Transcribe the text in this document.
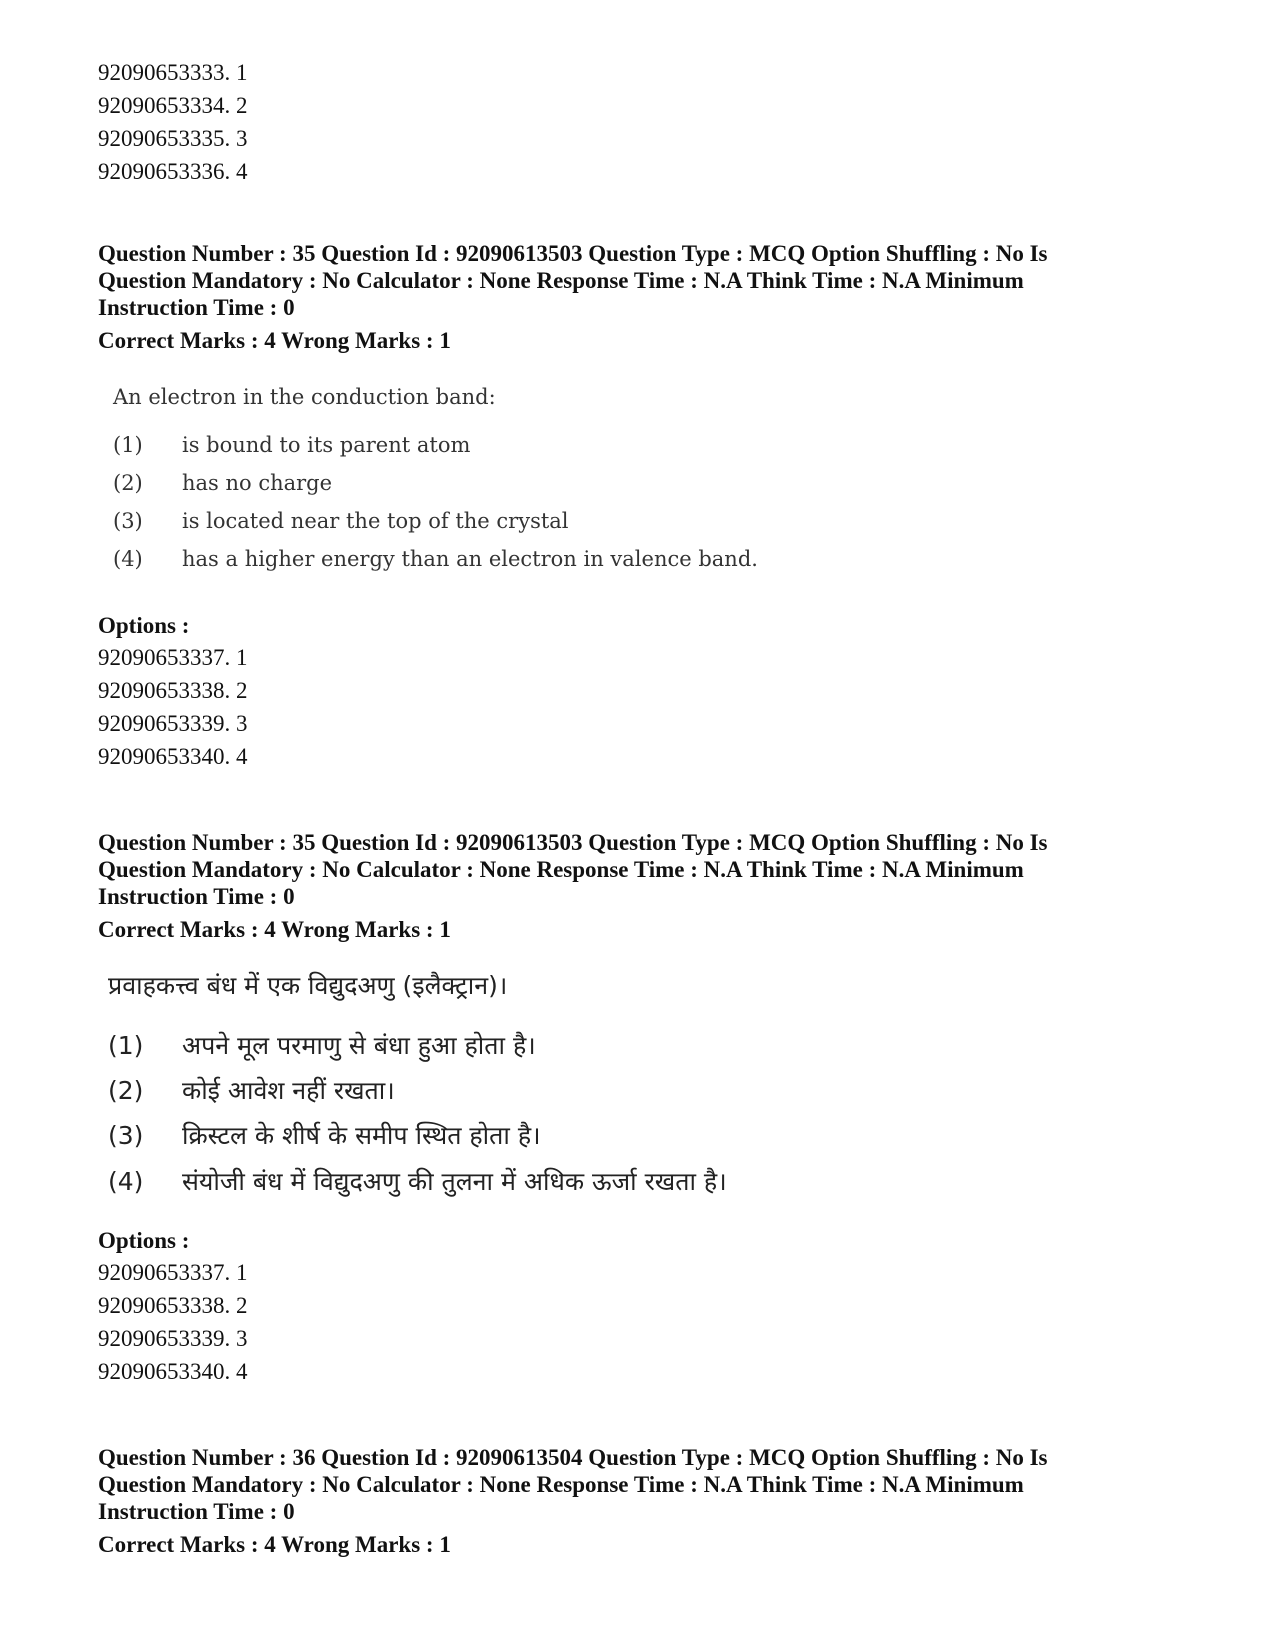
92090653333. 1
92090653334. 2
92090653335. 3
92090653336. 4
Question Number : 35 Question Id : 92090613503 Question Type : MCQ Option Shuffling : No Is
Question Mandatory : No Calculator : None Response Time : N.A Think Time : N.A Minimum
Instruction Time : 0
Correct Marks : 4 Wrong Marks : 1
An electron in the conduction band:
(1) is bound to its parent atom
(2) has no charge
(3) is located near the top of the crystal
(4) has a higher energy than an electron in valence band.
Options :
92090653337. 1
92090653338. 2
92090653339. 3
92090653340. 4
Question Number : 35 Question Id : 92090613503 Question Type : MCQ Option Shuffling : No Is
Question Mandatory : No Calculator : None Response Time : N.A Think Time : N.A Minimum
Instruction Time : 0
Correct Marks : 4 Wrong Marks : 1
प्रवाहकत्त्व बंध में एक विद्युदअणु (इलैक्ट्रान)।
(1) अपने मूल परमाणु से बंधा हुआ होता है।
(2) कोई आवेश नहीं रखता।
(3) क्रिस्टल के शीर्ष के समीप स्थित होता है।
(4) संयोजी बंध में विद्युदअणु की तुलना में अधिक ऊर्जा रखता है।
Options :
92090653337. 1
92090653338. 2
92090653339. 3
92090653340. 4
Question Number : 36 Question Id : 92090613504 Question Type : MCQ Option Shuffling : No Is
Question Mandatory : No Calculator : None Response Time : N.A Think Time : N.A Minimum
Instruction Time : 0
Correct Marks : 4 Wrong Marks : 1
